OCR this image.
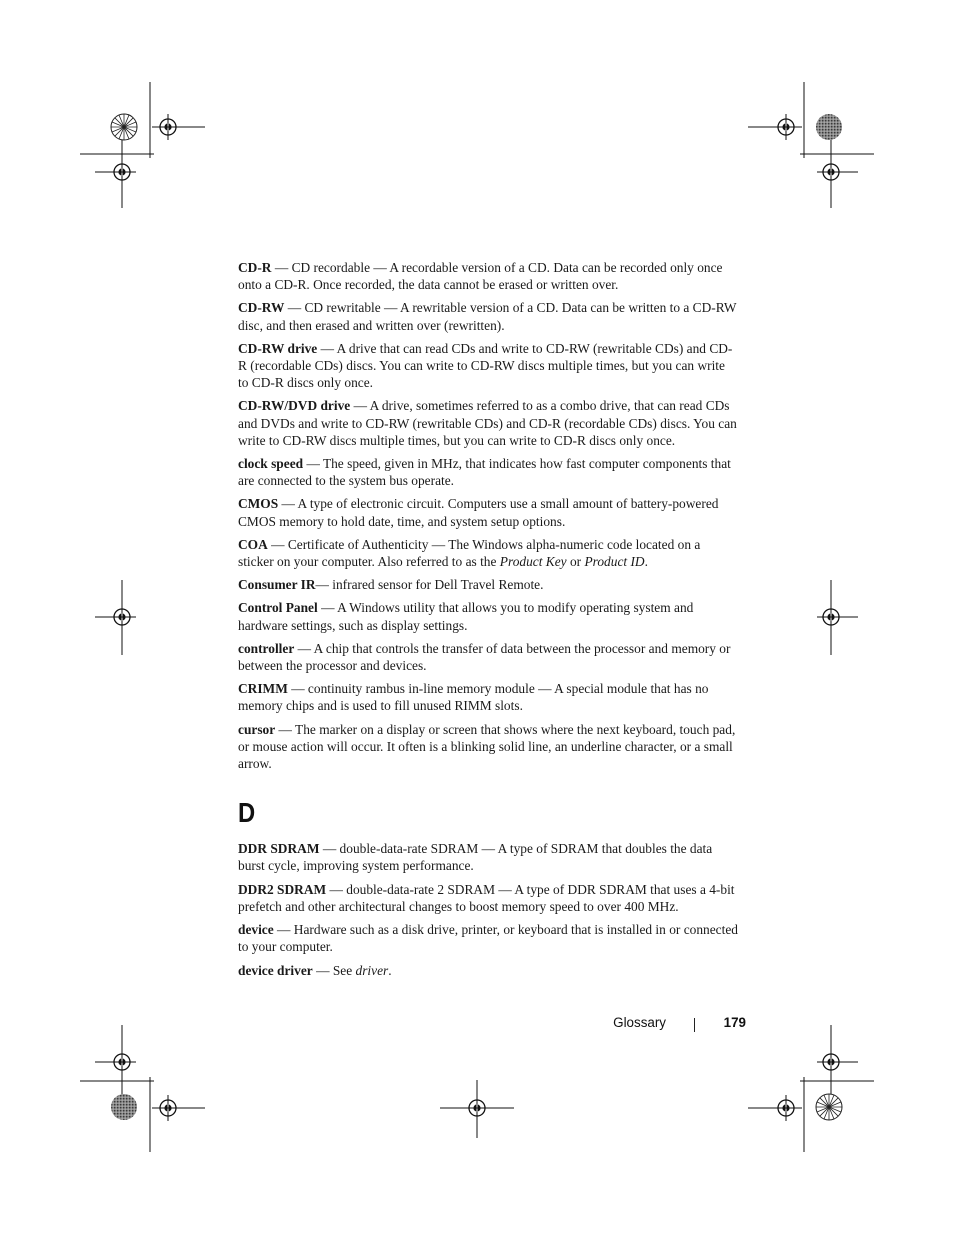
CD-R — CD recordable — A recordable version of a CD. Data can be recorded only once onto a CD-R. Once recorded, the data cannot be erased or written over.

CD-RW — CD rewritable — A rewritable version of a CD. Data can be written to a CD-RW disc, and then erased and written over (rewritten).

CD-RW drive — A drive that can read CDs and write to CD-RW (rewritable CDs) and CD-R (recordable CDs) discs. You can write to CD-RW discs multiple times, but you can write to CD-R discs only once.

CD-RW/DVD drive — A drive, sometimes referred to as a combo drive, that can read CDs and DVDs and write to CD-RW (rewritable CDs) and CD-R (recordable CDs) discs. You can write to CD-RW discs multiple times, but you can write to CD-R discs only once.

clock speed — The speed, given in MHz, that indicates how fast computer components that are connected to the system bus operate.

CMOS — A type of electronic circuit. Computers use a small amount of battery-powered CMOS memory to hold date, time, and system setup options.

COA — Certificate of Authenticity — The Windows alpha-numeric code located on a sticker on your computer. Also referred to as the Product Key or Product ID.

Consumer IR— infrared sensor for Dell Travel Remote.

Control Panel — A Windows utility that allows you to modify operating system and hardware settings, such as display settings.

controller — A chip that controls the transfer of data between the processor and memory or between the processor and devices.

CRIMM — continuity rambus in-line memory module — A special module that has no memory chips and is used to fill unused RIMM slots.

cursor — The marker on a display or screen that shows where the next keyboard, touch pad, or mouse action will occur. It often is a blinking solid line, an underline character, or a small arrow.

D

DDR SDRAM — double-data-rate SDRAM — A type of SDRAM that doubles the data burst cycle, improving system performance.

DDR2 SDRAM — double-data-rate 2 SDRAM — A type of DDR SDRAM that uses a 4-bit prefetch and other architectural changes to boost memory speed to over 400 MHz.

device — Hardware such as a disk drive, printer, or keyboard that is installed in or connected to your computer.

device driver — See driver.

Glossary	179
